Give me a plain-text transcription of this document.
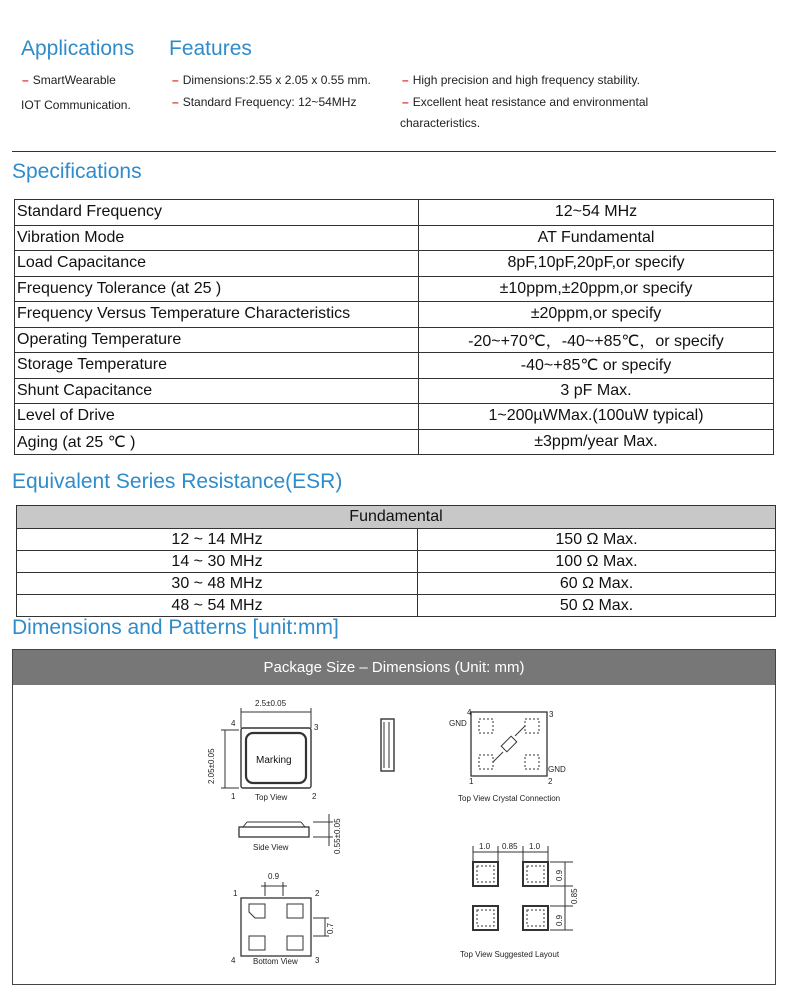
Applications Features
– SmartWearable
IOT Communication.
– Dimensions:2.55 x 2.05 x 0.55 mm.
– Standard Frequency: 12~54MHz
– High precision and high frequency stability.
– Excellent heat resistance and environmental
characteristics.
Specifications
Standard Frequency	12~54 MHz
Vibration Mode	AT Fundamental
Load Capacitance	8pF,10pF,20pF,or specify
Frequency Tolerance (at 25 )	±10ppm,±20ppm,or specify
Frequency Versus Temperature Characteristics	±20ppm,or specify
Operating Temperature	-20~+70℃，-40~+85℃，or specify
Storage Temperature	-40~+85℃ or specify
Shunt Capacitance	3 pF Max.
Level of Drive	1~200µWMax.(100uW typical)
Aging (at 25 ℃ )	±3ppm/year Max.
Equivalent Series Resistance(ESR)
Fundamental	
12 ~ 14 MHz	150 Ω Max.
14 ~ 30 MHz	100 Ω Max.
30 ~ 48 MHz	60 Ω Max.
48 ~ 54 MHz	50 Ω Max.
Dimensions and Patterns [unit:mm]
Package Size – Dimensions (Unit: mm)
2.5±0.05
2.05±0.05	Marking
4	3
1	2
Top View
GND
GND
4	3
1	2
Top View Crystal Connection
0.55±0.05
Side View
0.9
0.7
1	2
4	3
Bottom View
1.0 0.85 1.0
0.9
0.85
0.9
Top View Suggested Layout
